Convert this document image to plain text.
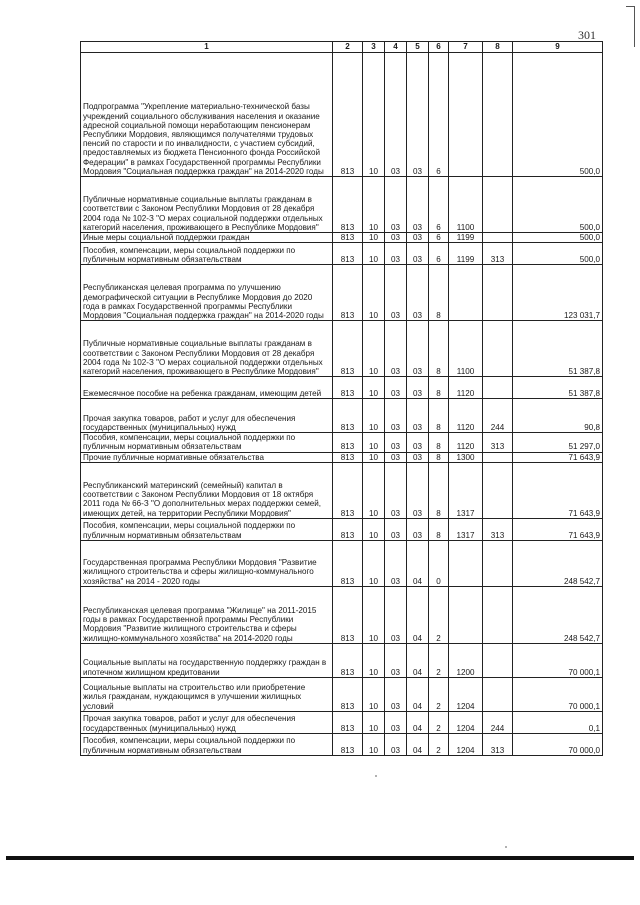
301
1	2	3	4	5	6	7	8	9
Подпрограмма "Укрепление материально-технической базы учреждений социального обслуживания населения и оказание адресной социальной помощи неработающим пенсионерам Республики Мордовия, являющимся получателями трудовых пенсий по старости и по инвалидности, с участием субсидий, предоставляемых из бюджета Пенсионного фонда Российской Федерации" в рамках Государственной программы Республики Мордовия "Социальная поддержка граждан" на 2014-2020 годы	813	10	03	03	6			500,0
Публичные нормативные социальные выплаты гражданам в соответствии с Законом Республики Мордовия от 28 декабря 2004 года № 102-З "О мерах социальной поддержки отдельных категорий населения, проживающего в Республике Мордовия"	813	10	03	03	6	1100		500,0
Иные меры социальной поддержки граждан	813	10	03	03	6	1199		500,0
Пособия, компенсации, меры социальной поддержки по публичным нормативным обязательствам	813	10	03	03	6	1199	313	500,0
Республиканская целевая программа по улучшению демографической ситуации в Республике Мордовия до 2020 года в рамках Государственной программы Республики Мордовия "Социальная поддержка граждан" на 2014-2020 годы	813	10	03	03	8			123 031,7
Публичные нормативные социальные выплаты гражданам в соответствии с Законом Республики Мордовия от 28 декабря 2004 года № 102-З "О мерах социальной поддержки отдельных категорий населения, проживающего в Республике Мордовия"	813	10	03	03	8	1100		51 387,8
Ежемесячное пособие на ребенка гражданам, имеющим детей	813	10	03	03	8	1120		51 387,8
Прочая закупка товаров, работ и услуг для обеспечения государственных (муниципальных) нужд	813	10	03	03	8	1120	244	90,8
Пособия, компенсации, меры социальной поддержки по публичным нормативным обязательствам	813	10	03	03	8	1120	313	51 297,0
Прочие публичные нормативные обязательства	813	10	03	03	8	1300		71 643,9
Республиканский материнский (семейный) капитал в соответствии с Законом Республики Мордовия от 18 октября 2011 года № 66-З "О дополнительных мерах поддержки семей, имеющих детей, на территории Республики Мордовия"	813	10	03	03	8	1317		71 643,9
Пособия, компенсации, меры социальной поддержки по публичным нормативным обязательствам	813	10	03	03	8	1317	313	71 643,9
Государственная программа Республики Мордовия "Развитие жилищного строительства и сферы жилищно-коммунального хозяйства" на 2014 - 2020 годы	813	10	03	04	0			248 542,7
Республиканская целевая программа "Жилище" на 2011-2015 годы в рамках Государственной программы Республики Мордовия "Развитие жилищного строительства и сферы жилищно-коммунального хозяйства" на 2014-2020 годы	813	10	03	04	2			248 542,7
Социальные выплаты на государственную поддержку граждан в ипотечном жилищном кредитовании	813	10	03	04	2	1200		70 000,1
Социальные выплаты на строительство или приобретение жилья гражданам, нуждающимся в улучшении жилищных условий	813	10	03	04	2	1204		70 000,1
Прочая закупка товаров, работ и услуг для обеспечения государственных (муниципальных) нужд	813	10	03	04	2	1204	244	0,1
Пособия, компенсации, меры социальной поддержки по публичным нормативным обязательствам	813	10	03	04	2	1204	313	70 000,0
